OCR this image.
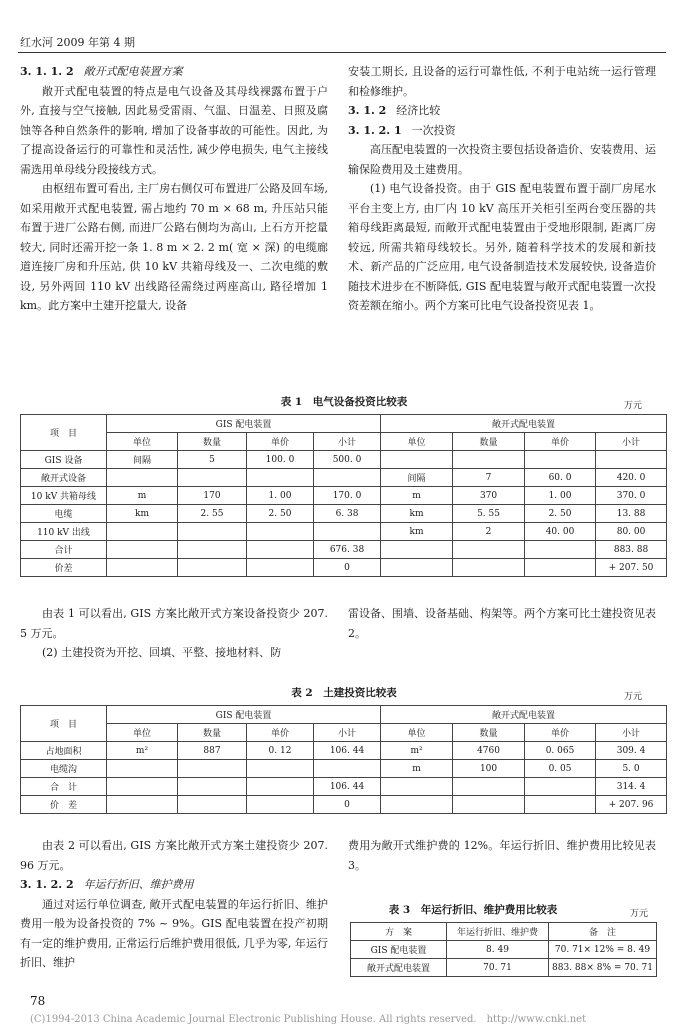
红水河 2009 年第 4 期
3. 1. 1. 2 敞开式配电装置方案

敞开式配电装置的特点是电气设备及其母线裸露布置于户外, 直接与空气接触, 因此易受雷雨、气温、日温差、日照及腐蚀等各种自然条件的影响, 增加了设备事故的可能性。因此, 为了提高设备运行的可靠性和灵活性, 减少停电损失, 电气主接线需选用单母线分段接线方式。

由枢纽布置可看出, 主厂房右侧仅可布置进厂公路及回车场, 如采用敞开式配电装置, 需占地约 70 m × 68 m, 升压站只能布置于进厂公路右侧, 而进厂公路右侧均为高山, 上石方开挖量较大, 同时还需开挖一条 1. 8 m × 2. 2 m( 宽 × 深) 的电缆廊道连接厂房和升压站, 供 10 kV 共箱母线及一、二次电缆的敷设, 另外两回 110 kV 出线路径需绕过两座高山, 路径增加 1 km。此方案中土建开挖量大, 设备

安装工期长, 且设备的运行可靠性低, 不利于电站统一运行管理和检修维护。

3. 1. 2 经济比较
3. 1. 2. 1 一次投资

高压配电装置的一次投资主要包括设备造价、安装费用、运输保险费用及土建费用。

(1) 电气设备投资。由于 GIS 配电装置布置于副厂房尾水平台主变上方, 由厂内 10 kV 高压开关柜引至两台变压器的共箱母线距离最短, 而敞开式配电装置由于受地形限制, 距离厂房较远, 所需共箱母线较长。另外, 随着科学技术的发展和新技术、新产品的广泛应用, 电气设备制造技术发展较快, 设备造价随技术进步在不断降低, GIS 配电装置与敞开式配电装置一次投资差额在缩小。两个方案可比电气设备投资见表 1。

表 1　电气设备投资比较表	万元
项　目	GIS 配电装置				敞开式配电装置			
	单位	数量	单价	小计	单位	数量	单价	小计
GIS 设备	间隔	5	100. 0	500. 0				
敞开式设备					间隔	7	60. 0	420. 0
10 kV 共箱母线	m	170	1. 00	170. 0	m	370	1. 00	370. 0
电缆	km	2. 55	2. 50	6. 38	km	5. 55	2. 50	13. 88
110 kV 出线					km	2	40. 00	80. 00
合计				676. 38				883. 88
价差				0				+ 207. 50

由表 1 可以看出, GIS 方案比敞开式方案设备投资少 207. 5 万元。

(2) 土建投资为开挖、回填、平整、接地材料、防

雷设备、围墙、设备基础、构架等。两个方案可比土建投资见表 2。

表 2　土建投资比较表	万元
项　目	GIS 配电装置				敞开式配电装置			
	单位	数量	单价	小计	单位	数量	单价	小计
占地面积	m²	887	0. 12	106. 44	m²	4760	0. 065	309. 4
电缆沟					m	100	0. 05	5. 0
合　计				106. 44				314. 4
价　差				0				+ 207. 96

由表 2 可以看出, GIS 方案比敞开式方案土建投资少 207. 96 万元。

3. 1. 2. 2 年运行折旧、维护费用

通过对运行单位调查, 敞开式配电装置的年运行折旧、维护费用一般为设备投资的 7% ~ 9%。GIS 配电装置在投产初期有一定的维护费用, 正常运行后维护费用很低, 几乎为零, 年运行折旧、维护

费用为敞开式维护费的 12%。年运行折旧、维护费用比较见表 3。

表 3　年运行折旧、维护费用比较表	万元
方　案	年运行折旧、维护费	备　注
GIS 配电装置	8. 49	70. 71× 12% = 8. 49
敞开式配电装置	70. 71	883. 88× 8% = 70. 71
78
(C)1994-2013 China Academic Journal Electronic Publishing House. All rights reserved.　http://www.cnki.net
